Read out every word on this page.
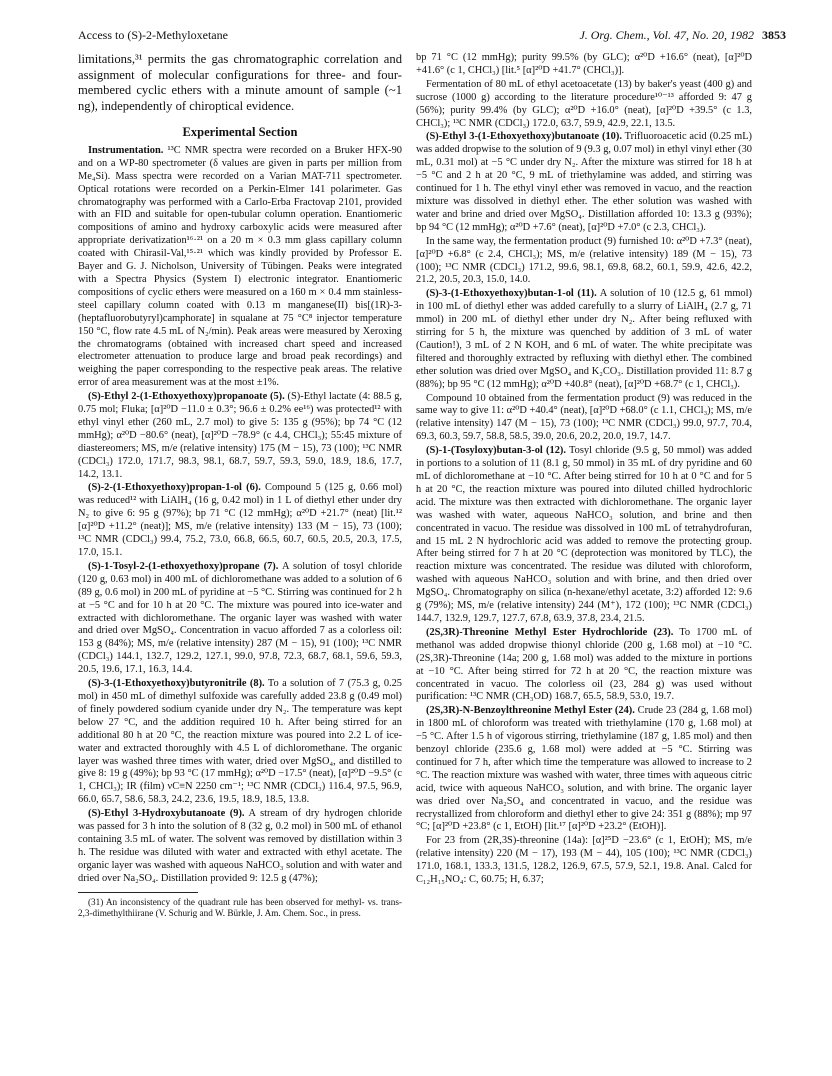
Access to (S)-2-Methyloxetane	J. Org. Chem., Vol. 47, No. 20, 1982 3853

limitations,³¹ permits the gas chromatographic correlation and assignment of molecular configurations for three- and four-membered cyclic ethers with a minute amount of sample (~1 ng), independently of chiroptical evidence.

Experimental Section

Instrumentation. ¹³C NMR spectra were recorded on a Bruker HFX-90 and on a WP-80 spectrometer (δ values are given in parts per million from Me₄Si). Mass spectra were recorded on a Varian MAT-711 spectrometer. Optical rotations were recorded on a Perkin-Elmer 141 polarimeter. Gas chromatography was performed with a Carlo-Erba Fractovap 2101, provided with an FID and suitable for open-tubular column operation. Enantiomeric compositions of amino and hydroxy carboxylic acids were measured after appropriate derivatization¹⁶·²¹ on a 20 m × 0.3 mm glass capillary column coated with Chirasil-Val,¹⁵·²¹ which was kindly provided by Professor E. Bayer and G. J. Nicholson, University of Tübingen. Peaks were integrated with a Spectra Physics (System I) electronic integrator. Enantiomeric compositions of cyclic ethers were measured on a 160 m × 0.4 mm stainless-steel capillary column coated with 0.13 m manganese(II) bis[(1R)-3-(heptafluorobutyryl)camphorate] in squalane at 75 °C⁸ injector temperature 150 °C, flow rate 4.5 mL of N₂/min). Peak areas were measured by Xeroxing the chromatograms (obtained with increased chart speed and increased electrometer attenuation to produce large and broad peak recordings) and weighing the paper corresponding to the respective peak areas. The relative error of area measurement was at the most ±1%.

(S)-Ethyl 2-(1-Ethoxyethoxy)propanoate (5). (S)-Ethyl lactate (4: 88.5 g, 0.75 mol; Fluka; [α]²⁰D −11.0 ± 0.3°; 96.6 ± 0.2% ee¹⁶) was protected¹² with ethyl vinyl ether (260 mL, 2.7 mol) to give 5: 135 g (95%); bp 74 °C (12 mmHg); α²⁰D −80.6° (neat), [α]²⁰D −78.9° (c 4.4, CHCl₃); 55:45 mixture of diastereomers; MS, m/e (relative intensity) 175 (M − 15), 73 (100); ¹³C NMR (CDCl₃) 172.0, 171.7, 98.3, 98.1, 68.7, 59.7, 59.3, 59.0, 18.9, 18.6, 17.7, 14.2, 13.1.

(S)-2-(1-Ethoxyethoxy)propan-1-ol (6). Compound 5 (125 g, 0.66 mol) was reduced¹² with LiAlH₄ (16 g, 0.42 mol) in 1 L of diethyl ether under dry N₂ to give 6: 95 g (97%); bp 71 °C (12 mmHg); α²⁰D +21.7° (neat) [lit.¹² [α]²⁰D +11.2° (neat)]; MS, m/e (relative intensity) 133 (M − 15), 73 (100); ¹³C NMR (CDCl₃) 99.4, 75.2, 73.0, 66.8, 66.5, 60.7, 60.5, 20.5, 20.3, 17.5, 17.0, 15.1.

(S)-1-Tosyl-2-(1-ethoxyethoxy)propane (7). A solution of tosyl chloride (120 g, 0.63 mol) in 400 mL of dichloromethane was added to a solution of 6 (89 g, 0.6 mol) in 200 mL of pyridine at −5 °C. Stirring was continued for 2 h at −5 °C and for 10 h at 20 °C. The mixture was poured into ice-water and extracted with dichloromethane. The organic layer was washed with water and dried over MgSO₄. Concentration in vacuo afforded 7 as a colorless oil: 153 g (84%); MS, m/e (relative intensity) 287 (M − 15), 91 (100); ¹³C NMR (CDCl₃) 144.1, 132.7, 129.2, 127.1, 99.0, 97.8, 72.3, 68.7, 68.1, 59.6, 59.3, 20.5, 19.6, 17.1, 16.3, 14.4.

(S)-3-(1-Ethoxyethoxy)butyronitrile (8). To a solution of 7 (75.3 g, 0.25 mol) in 450 mL of dimethyl sulfoxide was carefully added 23.8 g (0.49 mol) of finely powdered sodium cyanide under dry N₂. The temperature was kept below 27 °C, and the addition required 10 h. After being stirred for an additional 80 h at 20 °C, the reaction mixture was poured into 2.2 L of ice-water and extracted thoroughly with 4.5 L of dichloromethane. The organic layer was washed three times with water, dried over MgSO₄, and distilled to give 8: 19 g (49%); bp 93 °C (17 mmHg); α²⁰D −17.5° (neat), [α]²⁰D −9.5° (c 1, CHCl₃); IR (film) νC≡N 2250 cm⁻¹; ¹³C NMR (CDCl₃) 116.4, 97.5, 96.9, 66.0, 65.7, 58.6, 58.3, 24.2, 23.6, 19.5, 18.9, 18.5, 13.8.

(S)-Ethyl 3-Hydroxybutanoate (9). A stream of dry hydrogen chloride was passed for 3 h into the solution of 8 (32 g, 0.2 mol) in 500 mL of ethanol containing 3.5 mL of water. The solvent was removed by distillation within 3 h. The residue was diluted with water and extracted with ethyl acetate. The organic layer was washed with aqueous NaHCO₃ solution and with water and dried over Na₂SO₄. Distillation provided 9: 12.5 g (47%);

(31) An inconsistency of the quadrant rule has been observed for methyl- vs. trans-2,3-dimethylthiirane (V. Schurig and W. Bürkle, J. Am. Chem. Soc., in press.

bp 71 °C (12 mmHg); purity 99.5% (by GLC); α²⁰D +16.6° (neat), [α]²⁰D +41.6° (c 1, CHCl₃) [lit.⁵ [α]²⁰D +41.7° (CHCl₃)].

Fermentation of 80 mL of ethyl acetoacetate (13) by baker's yeast (400 g) and sucrose (1000 g) according to the literature procedure¹⁰⁻¹³ afforded 9: 47 g (56%); purity 99.4% (by GLC); α²⁰D +16.0° (neat), [α]²⁰D +39.5° (c 1.3, CHCl₃); ¹³C NMR (CDCl₃) 172.0, 63.7, 59.9, 42.9, 22.1, 13.5.

(S)-Ethyl 3-(1-Ethoxyethoxy)butanoate (10). Trifluoroacetic acid (0.25 mL) was added dropwise to the solution of 9 (9.3 g, 0.07 mol) in ethyl vinyl ether (30 mL, 0.31 mol) at −5 °C under dry N₂. After the mixture was stirred for 18 h at −5 °C and 2 h at 20 °C, 9 mL of triethylamine was added, and stirring was continued for 1 h. The ethyl vinyl ether was removed in vacuo, and the reaction mixture was dissolved in diethyl ether. The ether solution was washed with water and brine and dried over MgSO₄. Distillation afforded 10: 13.3 g (93%); bp 94 °C (12 mmHg); α²⁰D +7.6° (neat), [α]²⁰D +7.0° (c 2.3, CHCl₃).

In the same way, the fermentation product (9) furnished 10: α²⁰D +7.3° (neat), [α]²⁰D +6.8° (c 2.4, CHCl₃); MS, m/e (relative intensity) 189 (M − 15), 73 (100); ¹³C NMR (CDCl₃) 171.2, 99.6, 98.1, 69.8, 68.2, 60.1, 59.9, 42.6, 42.2, 21.2, 20.5, 20.3, 15.0, 14.0.

(S)-3-(1-Ethoxyethoxy)butan-1-ol (11). A solution of 10 (12.5 g, 61 mmol) in 100 mL of diethyl ether was added carefully to a slurry of LiAlH₄ (2.7 g, 71 mmol) in 200 mL of diethyl ether under dry N₂. After being refluxed with stirring for 5 h, the mixture was quenched by addition of 3 mL of water (Caution!), 3 mL of 2 N KOH, and 6 mL of water. The white precipitate was filtered and thoroughly extracted by refluxing with diethyl ether. The combined ether solution was dried over MgSO₄ and K₂CO₃. Distillation provided 11: 8.7 g (88%); bp 95 °C (12 mmHg); α²⁰D +40.8° (neat), [α]²⁰D +68.7° (c 1, CHCl₃).

Compound 10 obtained from the fermentation product (9) was reduced in the same way to give 11: α²⁰D +40.4° (neat), [α]²⁰D +68.0° (c 1.1, CHCl₃); MS, m/e (relative intensity) 147 (M − 15), 73 (100); ¹³C NMR (CDCl₃) 99.0, 97.7, 70.4, 69.3, 60.3, 59.7, 58.8, 58.5, 39.0, 20.6, 20.2, 20.0, 19.7, 14.7.

(S)-1-(Tosyloxy)butan-3-ol (12). Tosyl chloride (9.5 g, 50 mmol) was added in portions to a solution of 11 (8.1 g, 50 mmol) in 35 mL of dry pyridine and 60 mL of dichloromethane at −10 °C. After being stirred for 10 h at 0 °C and for 5 h at 20 °C, the reaction mixture was poured into diluted chilled hydrochloric acid. The mixture was then extracted with dichloromethane. The organic layer was washed with water, aqueous NaHCO₃ solution, and brine and then concentrated in vacuo. The residue was dissolved in 100 mL of tetrahydrofuran, and 15 mL 2 N hydrochloric acid was added to remove the protecting group. After being stirred for 7 h at 20 °C (deprotection was monitored by TLC), the reaction mixture was concentrated. The residue was diluted with chloroform, washed with aqueous NaHCO₃ solution and with brine, and then dried over MgSO₄. Chromatography on silica (n-hexane/ethyl acetate, 3:2) afforded 12: 9.6 g (79%); MS, m/e (relative intensity) 244 (M⁺), 172 (100); ¹³C NMR (CDCl₃) 144.7, 132.9, 129.7, 127.7, 67.8, 63.9, 37.8, 23.4, 21.5.

(2S,3R)-Threonine Methyl Ester Hydrochloride (23). To 1700 mL of methanol was added dropwise thionyl chloride (200 g, 1.68 mol) at −10 °C. (2S,3R)-Threonine (14a; 200 g, 1.68 mol) was added to the mixture in portions at −10 °C. After being stirred for 72 h at 20 °C, the reaction mixture was concentrated in vacuo. The colorless oil (23, 284 g) was used without purification: ¹³C NMR (CH₃OD) 168.7, 65.5, 58.9, 53.0, 19.7.

(2S,3R)-N-Benzoylthreonine Methyl Ester (24). Crude 23 (284 g, 1.68 mol) in 1800 mL of chloroform was treated with triethylamine (170 g, 1.68 mol) at −5 °C. After 1.5 h of vigorous stirring, triethylamine (187 g, 1.85 mol) and then benzoyl chloride (235.6 g, 1.68 mol) were added at −5 °C. Stirring was continued for 7 h, after which time the temperature was allowed to increase to 2 °C. The reaction mixture was washed with water, three times with aqueous citric acid, twice with aqueous NaHCO₃ solution, and with brine. The organic layer was dried over Na₂SO₄ and concentrated in vacuo, and the residue was recrystallized from chloroform and diethyl ether to give 24: 351 g (88%); mp 97 °C; [α]²⁰D +23.8° (c 1, EtOH) [lit.¹⁷ [α]²⁰D +23.2° (EtOH)].

For 23 from (2R,3S)-threonine (14a): [α]²⁵D −23.6° (c 1, EtOH); MS, m/e (relative intensity) 220 (M − 17), 193 (M − 44), 105 (100); ¹³C NMR (CDCl₃) 171.0, 168.1, 133.3, 131.5, 128.2, 126.9, 67.5, 57.9, 52.1, 19.8. Anal. Calcd for C₁₂H₁₅NO₄: C, 60.75; H, 6.37;
